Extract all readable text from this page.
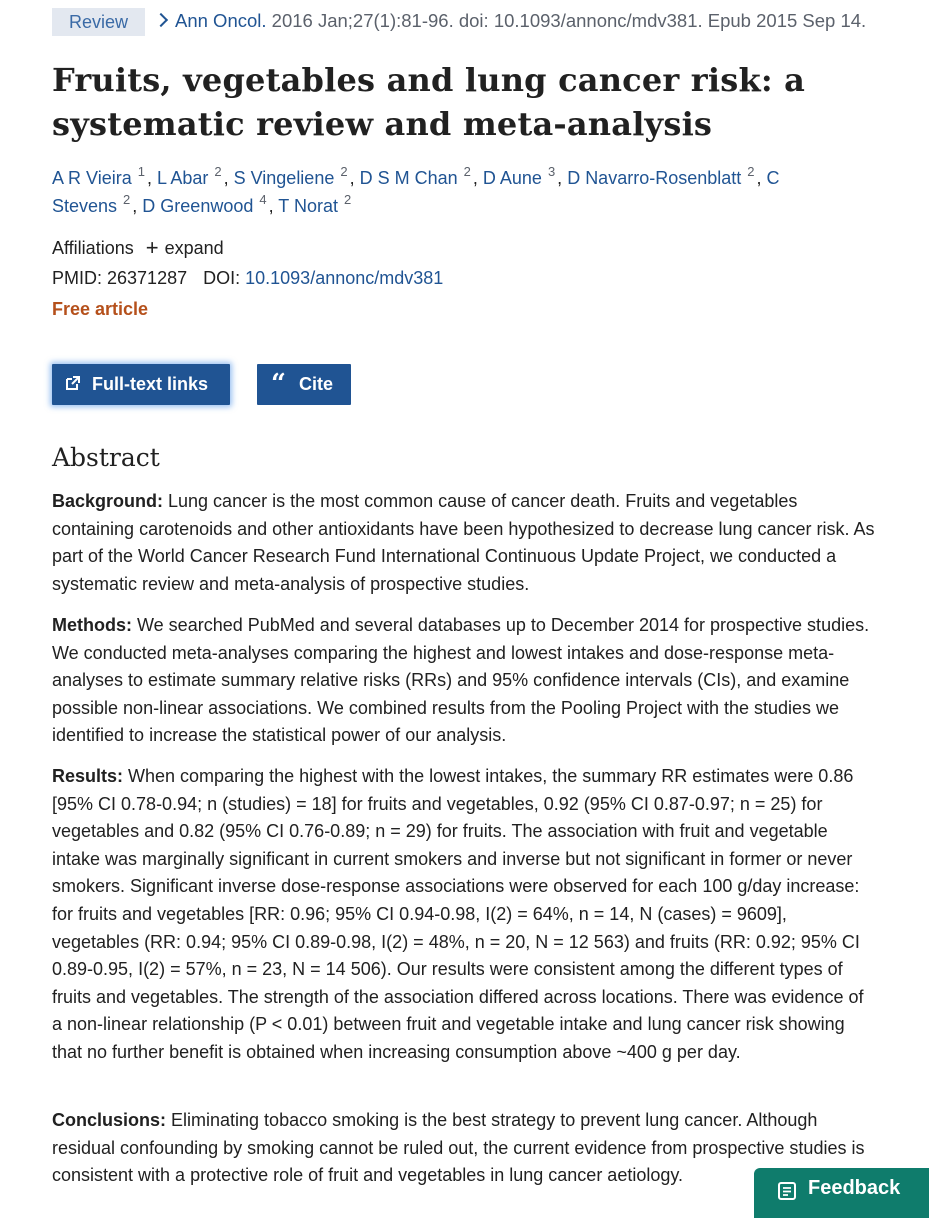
Review	Ann Oncol. 2016 Jan;27(1):81-96. doi: 10.1093/annonc/mdv381. Epub 2015 Sep 14.
Fruits, vegetables and lung cancer risk: a systematic review and meta-analysis
A R Vieira $^1$ , L Abar $^2$ , S Vingeliene $^2$ , D S M Chan $^2$ , D Aune $^3$ , D Navarro-Rosenblatt $^2$ , C Stevens $^2$ , D Greenwood $^4$ , T Norat $^2$
Affiliations + expand
PMID: 26371287 DOI: 10.1093/annonc/mdv381
Free article
Full-text links	“ Cite
Abstract

Background: Lung cancer is the most common cause of cancer death. Fruits and vegetables containing carotenoids and other antioxidants have been hypothesized to decrease lung cancer risk. As part of the World Cancer Research Fund International Continuous Update Project, we conducted a systematic review and meta-analysis of prospective studies.

Methods: We searched PubMed and several databases up to December 2014 for prospective studies. We conducted meta-analyses comparing the highest and lowest intakes and dose-response meta-analyses to estimate summary relative risks (RRs) and 95% confidence intervals (CIs), and examine possible non-linear associations. We combined results from the Pooling Project with the studies we identified to increase the statistical power of our analysis.

Results: When comparing the highest with the lowest intakes, the summary RR estimates were 0.86 [95% CI 0.78-0.94; n (studies) = 18] for fruits and vegetables, 0.92 (95% CI 0.87-0.97; n = 25) for vegetables and 0.82 (95% CI 0.76-0.89; n = 29) for fruits. The association with fruit and vegetable intake was marginally significant in current smokers and inverse but not significant in former or never smokers. Significant inverse dose-response associations were observed for each 100 g/day increase: for fruits and vegetables [RR: 0.96; 95% CI 0.94-0.98, I(2) = 64%, n = 14, N (cases) = 9609], vegetables (RR: 0.94; 95% CI 0.89-0.98, I(2) = 48%, n = 20, N = 12 563) and fruits (RR: 0.92; 95% CI 0.89-0.95, I(2) = 57%, n = 23, N = 14 506). Our results were consistent among the different types of fruits and vegetables. The strength of the association differed across locations. There was evidence of a non-linear relationship (P < 0.01) between fruit and vegetable intake and lung cancer risk showing that no further benefit is obtained when increasing consumption above ~400 g per day.

Conclusions: Eliminating tobacco smoking is the best strategy to prevent lung cancer. Although residual confounding by smoking cannot be ruled out, the current evidence from prospective studies is consistent with a protective role of fruit and vegetables in lung cancer aetiology.

Feedback
